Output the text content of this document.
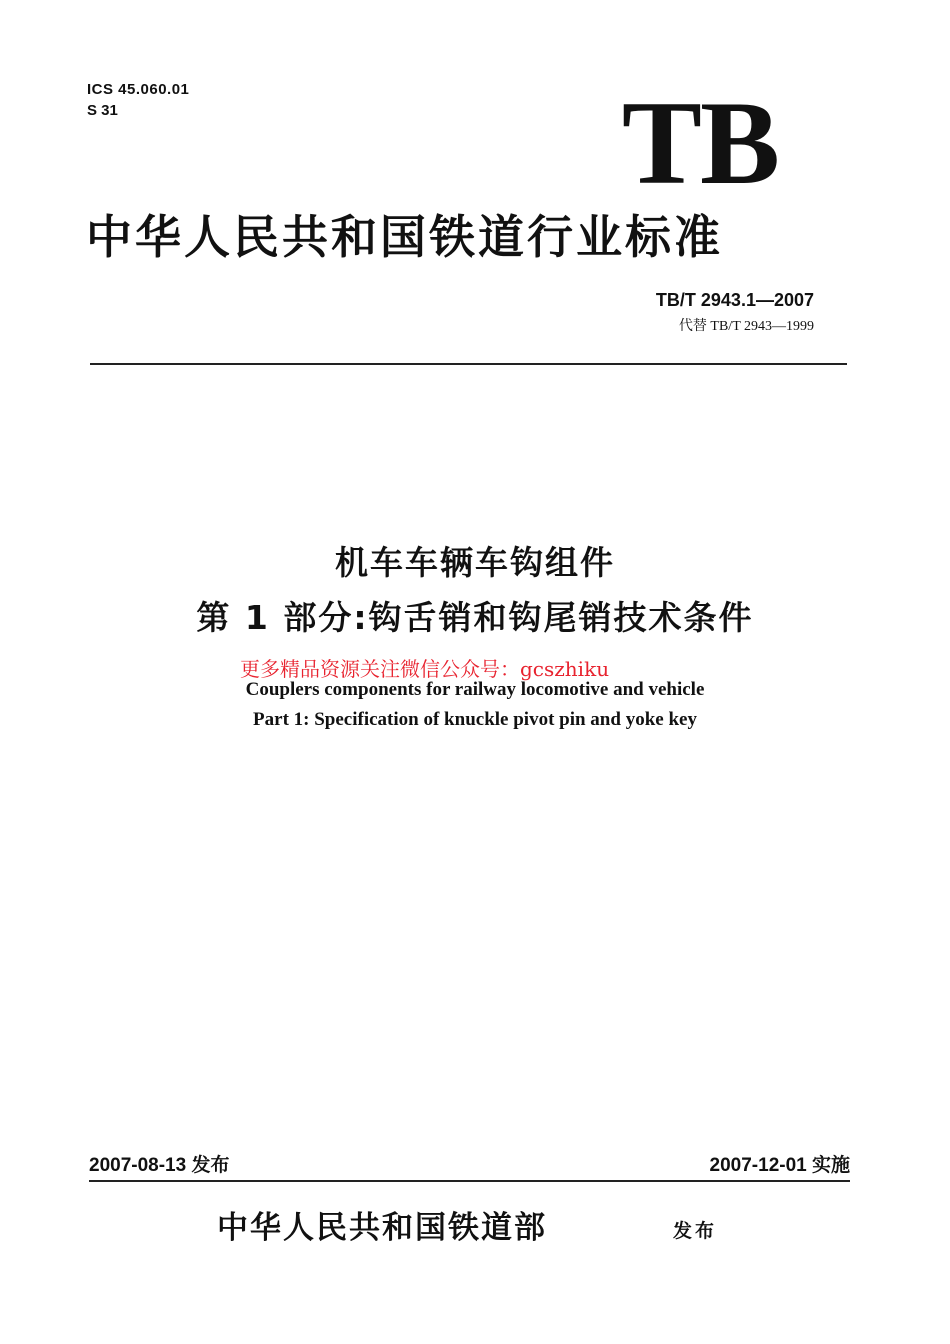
ICS 45.060.01
S 31	TB
中华人民共和国铁道行业标准
TB/T 2943.1—2007
代替 TB/T 2943—1999
机车车辆车钩组件
第 1 部分:钩舌销和钩尾销技术条件
更多精品资源关注微信公众号：gcszhiku
Couplers components for railway locomotive and vehicle
Part 1: Specification of knuckle pivot pin and yoke key
2007-08-13 发布	2007-12-01 实施
中华人民共和国铁道部	发布
